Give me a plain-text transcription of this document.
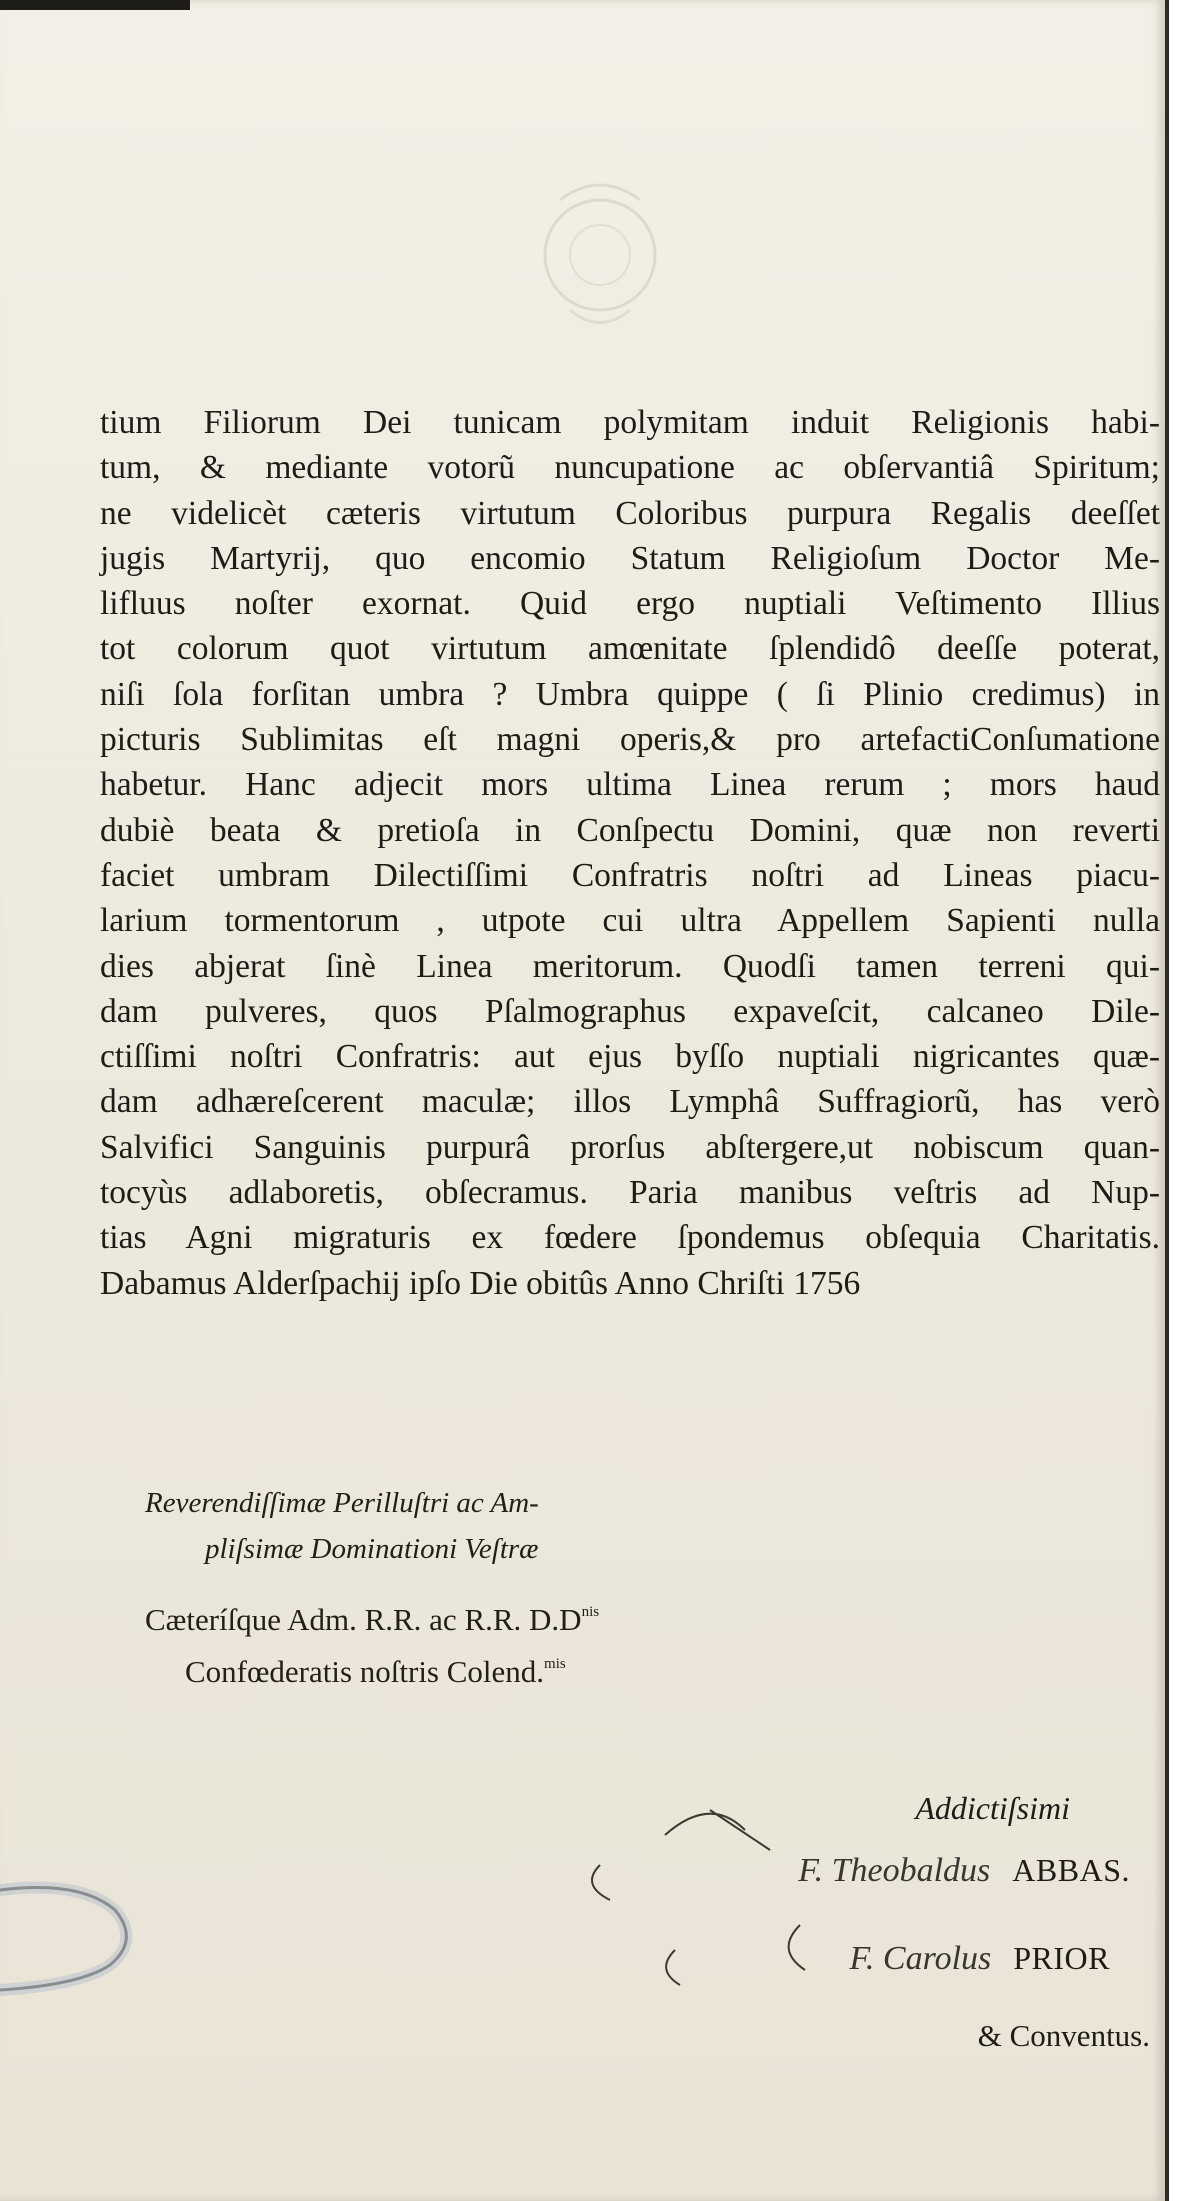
tium Filiorum Dei tunicam polymitam induit Religionis habi-
tum, & mediante votorũ nuncupatione ac obſervantiâ Spiritum;
ne videlicèt cæteris virtutum Coloribus purpura Regalis deeſſet
jugis Martyrij, quo encomio Statum Religioſum Doctor Me-
lifluus noſter exornat. Quid ergo nuptiali Veſtimento Illius
tot colorum quot virtutum amœnitate ſplendidô deeſſe poterat,
niſi ſola forſitan umbra ? Umbra quippe ( ſi Plinio credimus) in
picturis Sublimitas eſt magni operis,& pro artefactiConſumatione
habetur. Hanc adjecit mors ultima Linea rerum ; mors haud
dubiè beata & pretioſa in Conſpectu Domini, quæ non reverti
faciet umbram Dilectiſſimi Confratris noſtri ad Lineas piacu-
larium tormentorum , utpote cui ultra Appellem Sapienti nulla
dies abjerat ſinè Linea meritorum. Quodſi tamen terreni qui-
dam pulveres, quos Pſalmographus expaveſcit, calcaneo Dile-
ctiſſimi noſtri Confratris: aut ejus byſſo nuptiali nigricantes quæ-
dam adhæreſcerent maculæ; illos Lymphâ Suffragiorũ, has verò
Salvifici Sanguinis purpurâ prorſus abſtergere,ut nobiscum quan-
tocyùs adlaboretis, obſecramus. Paria manibus veſtris ad Nup-
tias Agni migraturis ex fœdere ſpondemus obſequia Charitatis.
Dabamus Alderſpachij ipſo Die obitûs Anno Chriſti 1756
Reverendiſſimæ Perilluſtri ac Am-
pliſsimæ Dominationi Veſtræ
Cæteríſque Adm. R.R. ac R.R. $D.D^{nis}$
Confœderatis noſtris Colend.$^{mis}$
Addictiſsimi
F. Theobaldus ABBAS.
F. Carolus PRIOR
& Conventus.
